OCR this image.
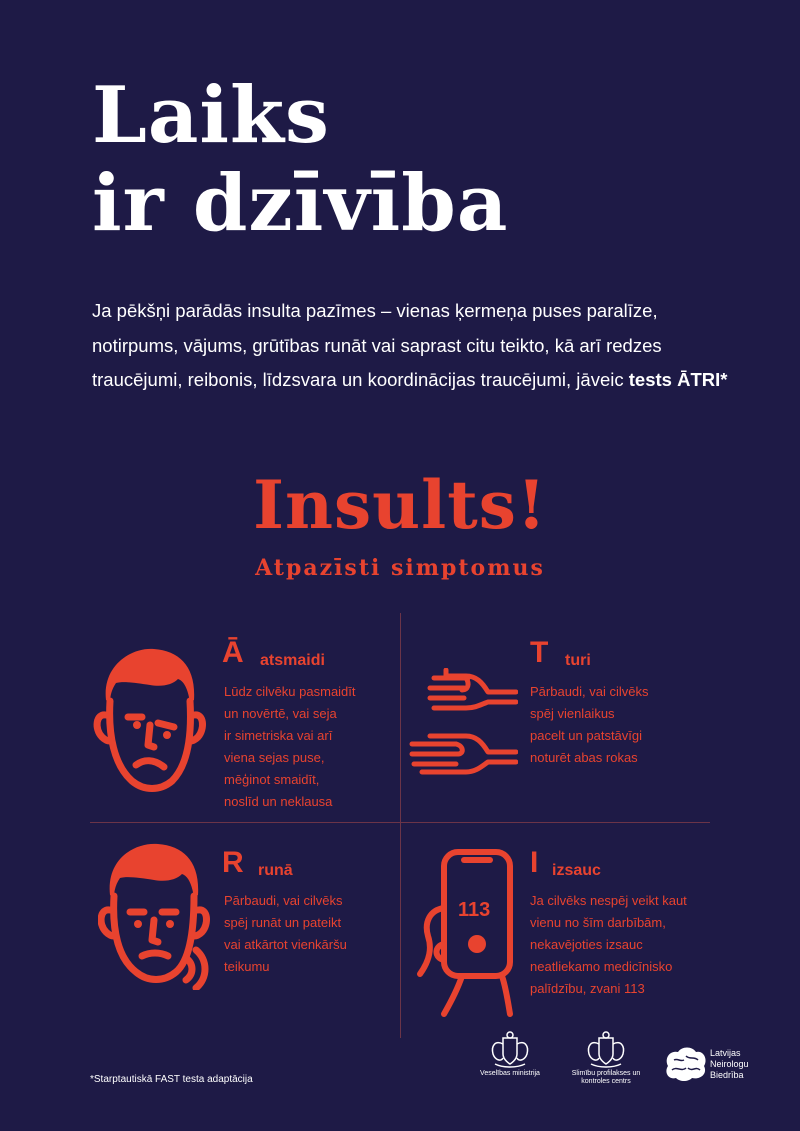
Laiks
ir dzīvība

Ja pēkšņi parādās insulta pazīmes – vienas ķermeņa puses paralīze, notirpums, vājums, grūtības runāt vai saprast citu teikto, kā arī redzes traucējumi, reibonis, līdzsvara un koordinācijas traucējumi, jāveic tests ĀTRI*

Insults!
Atpazīsti simptomus
Ā atsmaidi
Lūdz cilvēku pasmaidīt
un novērtē, vai seja
ir simetriska vai arī
viena sejas puse,
mēģinot smaidīt,
noslīd un neklausa
T turi
Pārbaudi, vai cilvēks
spēj vienlaikus
pacelt un patstāvīgi
noturēt abas rokas
R runā
Pārbaudi, vai cilvēks
spēj runāt un pateikt
vai atkārtot vienkāršu
teikumu
113
I izsauc
Ja cilvēks nespēj veikt kaut
vienu no šīm darbībām,
nekavējoties izsauc
neatliekamo medicīnisko
palīdzību, zvani 113
*Starptautiskā FAST testa adaptācija
Veselības ministrija	Slimību profilakses un
kontroles centrs
Latvijas
Neirologu
Biedrība
